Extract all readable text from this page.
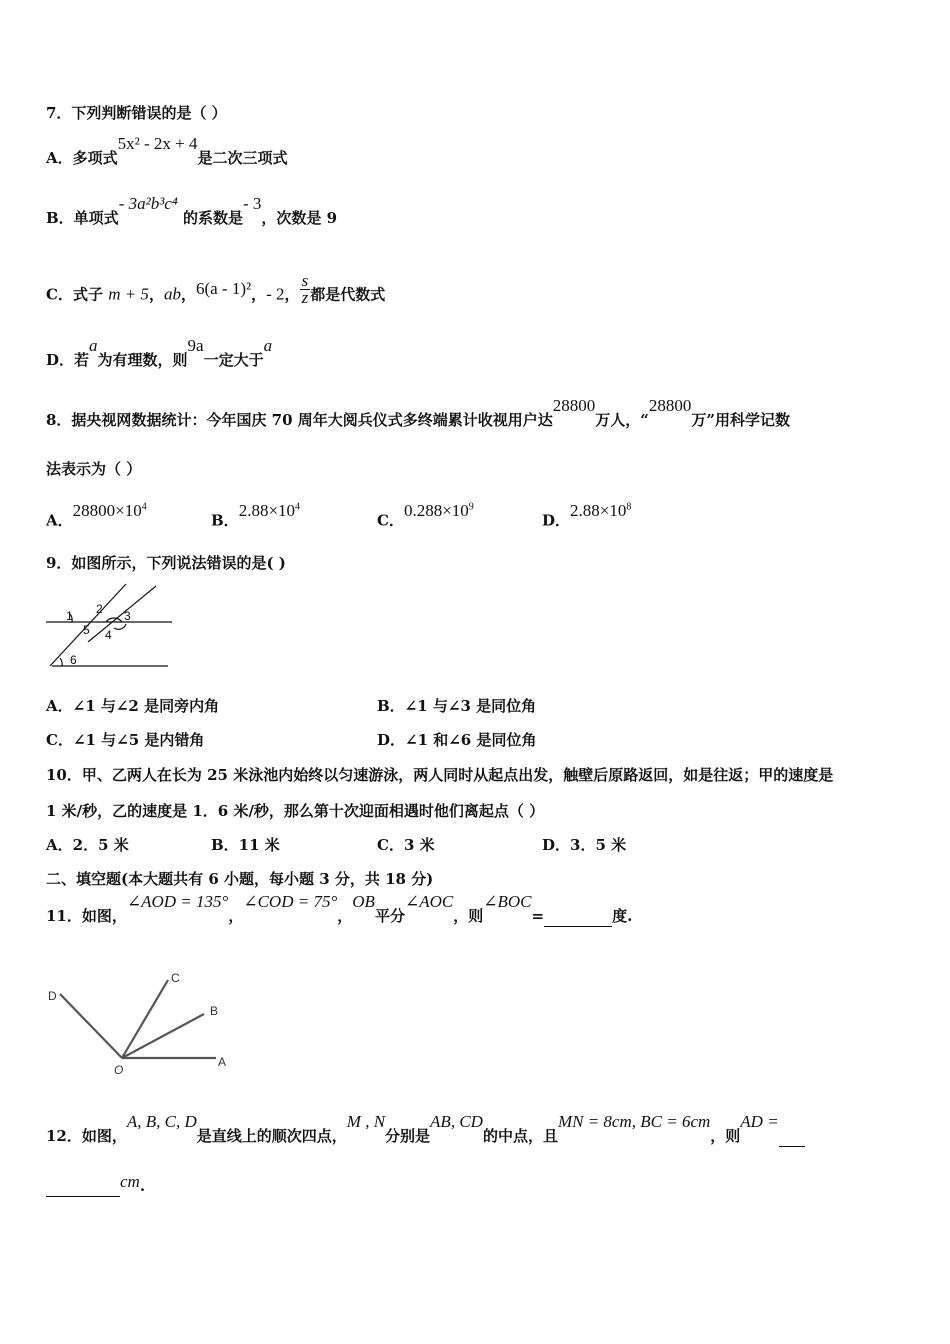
7．下列判断错误的是（ ）
A．多项式5x² - 2x + 4是二次三项式
B．单项式- 3a²b³c⁴ 的系数是- 3，次数是 9
C．式子 m + 5，ab，6(a - 1)²，- 2， $\frac{s}{z}$ 都是代数式
D．若a为有理数，则9a一定大于a
8．据央视网数据统计：今年国庆 70 周年大阅兵仪式多终端累计收视用户达28800万人，“28800万”用科学记数
法表示为（ ）
A．$28800\times 10^4$
B．$2.88\times 10^4$
C．$0.288\times 10^9$
D．$2.88\times 10^8$
9．如图所示，下列说法错误的是( )
1 2 3
5 4
6
A．∠1 与∠2 是同旁内角	B．∠1 与∠3 是同位角
C．∠1 与∠5 是内错角	D．∠1 和∠6 是同位角
10．甲、乙两人在长为 25 米泳池内始终以匀速游泳，两人同时从起点出发，触壁后原路返回，如是往返；甲的速度是
1 米/秒，乙的速度是 1．6 米/秒，那么第十次迎面相遇时他们离起点（ ）
A．2．5 米	B．11 米	C．3 米	D．3．5 米
二、填空题(本大题共有 6 小题，每小题 3 分，共 18 分)
11．如图，∠AOD = 135°，∠COD = 75°，OB平分∠AOC，则∠BOC=	度.
D
C
B
A
O
12．如图，A, B, C, D是直线上的顺次四点，M , N分别是AB, CD的中点，且MN = 8cm, BC = 6cm，则AD =
cm.
